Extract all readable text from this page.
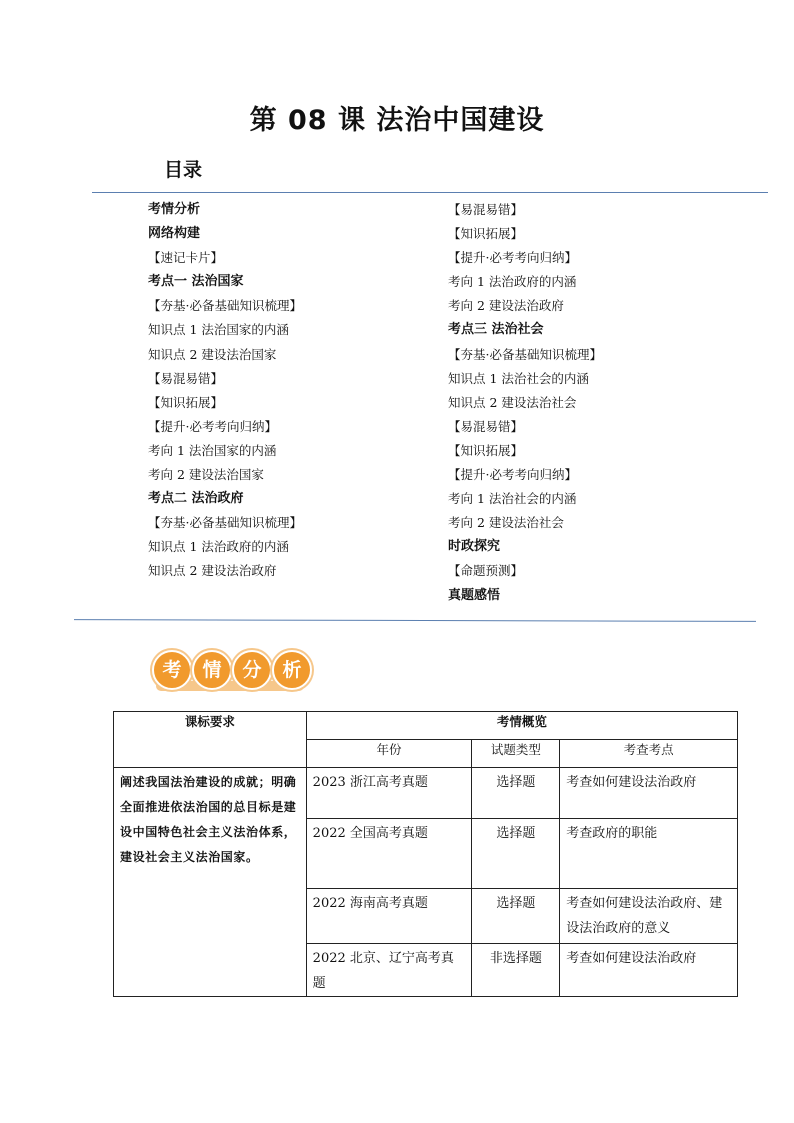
第 08 课 法治中国建设
目录
考情分析
网络构建
【速记卡片】
考点一 法治国家
【夯基·必备基础知识梳理】
知识点 1 法治国家的内涵
知识点 2 建设法治国家
【易混易错】
【知识拓展】
【提升·必考考向归纳】
考向 1 法治国家的内涵
考向 2 建设法治国家
考点二 法治政府
【夯基·必备基础知识梳理】
知识点 1 法治政府的内涵
知识点 2 建设法治政府
【易混易错】
【知识拓展】
【提升·必考考向归纳】
考向 1 法治政府的内涵
考向 2 建设法治政府
考点三 法治社会
【夯基·必备基础知识梳理】
知识点 1 法治社会的内涵
知识点 2 建设法治社会
【易混易错】
【知识拓展】
【提升·必考考向归纳】
考向 1 法治社会的内涵
考向 2 建设法治社会
时政探究
【命题预测】
真题感悟
考	情	分	析
课标要求	考情概览		
	年份	试题类型	考查考点
阐述我国法治建设的成就；明确全面推进依法治国的总目标是建设中国特色社会主义法治体系，建设社会主义法治国家。	2023 浙江高考真题	选择题	考查如何建设法治政府
	2022 全国高考真题	选择题	考查政府的职能
	2022 海南高考真题	选择题	考查如何建设法治政府、建设法治政府的意义
	2022 北京、辽宁高考真题	非选择题	考查如何建设法治政府
